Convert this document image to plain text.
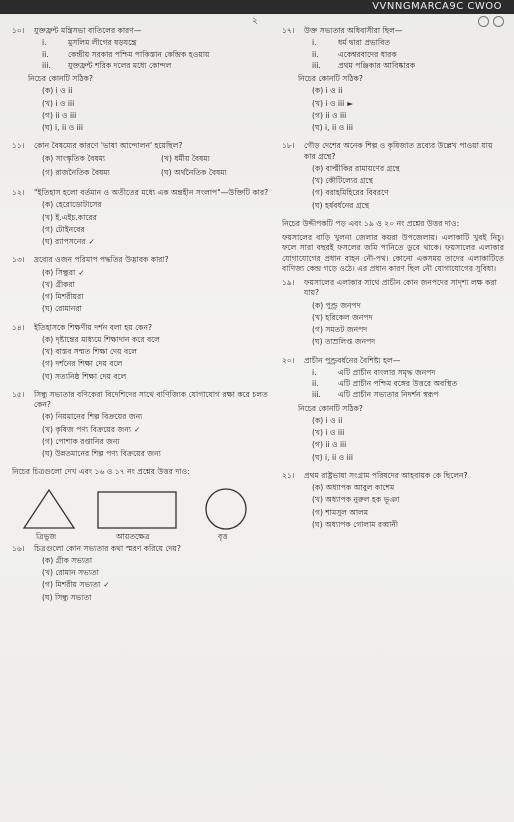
VVNNGMARCA9C CWOO
২
১০।	যুক্তফ্রন্ট মন্ত্রিসভা বাতিলের কারণ—
i.	মুসলিম লীগের ষড়যন্ত্রে
ii.	কেন্দ্রীয় সরকার পশ্চিম পাকিস্তান কেন্দ্রিক হওয়ায়
iii.	যুক্তফ্রন্ট শরিক দলের মধ্যে কোন্দল
নিচের কোনটি সঠিক?
(ক) i ও ii
(খ) i ও iii
(গ) ii ও iii
(ঘ) i, ii ও iii
১১।	কোন বৈষম্যের কারণে 'ভাষা আন্দোলন' হয়েছিল?
(ক) সাংস্কৃতিক বৈষম্য	(খ) ধর্মীয় বৈষম্য
(গ) রাজনৈতিক বৈষম্য	(ঘ) অর্থনৈতিক বৈষম্য
১২।	"ইতিহাস হলো বর্তমান ও অতীতের মধ্যে এক অন্তহীন সংলাপ"—উক্তিটি কার?
(ক) হেরোডোটাসের
(খ) ই.এইচ.কারের
(গ) টোইনবের
(ঘ) র‍্যাপসনের ✓
১৩।	দ্রব্যের ওজন পরিমাপ পদ্ধতির উদ্ভাবক কারা?
(ক) সিন্ধুরা ✓
(খ) গ্রীকরা
(গ) মিশরীয়রা
(ঘ) রোমানরা
১৪।	ইতিহাসকে শিক্ষণীয় দর্শন বলা হয় কেন?
(ক) দৃষ্টান্তের মাধ্যমে শিক্ষাদান করে বলে
(খ) বাস্তব সম্মত শিক্ষা দেয় বলে
(গ) দর্শনের শিক্ষা দেয় বলে
(ঘ) সত্যনিষ্ঠ শিক্ষা দেয় বলে
১৫।	সিন্ধু সভ্যতার বণিকেরা বিদেশিদের সাথে বাণিজ্যিক যোগাযোগ রক্ষা করে চলত কেন?
(ক) নিয়মানের শিল্প বিক্রয়ের জন্য
(খ) কৃষিজ পণ্য বিক্রয়ের জন্য ✓
(গ) পোশাক রপ্তানির জন্য
(ঘ) উন্নতমানের শিল্প পণ্য বিক্রয়ের জন্য
নিচের চিত্রগুলো দেখ এবং ১৬ ও ১৭ নং প্রশ্নের উত্তর দাও:
ত্রিভুজ	আয়তক্ষেত্র	বৃত্ত
১৬।	চিত্রগুলো কোন সভ্যতার কথা স্মরণ করিয়ে দেয়?
(ক) গ্রীক সভ্যতা
(খ) রোমান সভ্যতা
(গ) মিশরীয় সভ্যতা ✓
(ঘ) সিন্ধু সভ্যতা
১৭।	উক্ত সভ্যতার অধিবাসীরা ছিল—
i.	ধর্ম দ্বারা প্রভাবিত
ii.	একেশ্বরবাদের ধারক
iii.	প্রথম পঞ্জিকার আবিষ্কারক
নিচের কোনটি সঠিক?
(ক) i ও ii
(খ) i ও iii ►
(গ) ii ও iii
(ঘ) i, ii ও iii
১৮।	গৌড় দেশের অনেক শিল্প ও কৃষিজাত দ্রব্যের উল্লেখ পাওয়া যায় কার গ্রন্থে?
(ক) বাল্মীকির রামায়ণের গ্রন্থে
(খ) কৌটিল্যের গ্রন্থে
(গ) বরাহমিহিরের বিবরণে
(ঘ) হর্ষবর্ধনের গ্রন্থে
নিচের উদ্দীপকটি পড় এবং ১৯ ও ২০ নং প্রশ্নের উত্তর দাও:
ফয়সালের বাড়ি খুলনা জেলার কয়রা উপজেলায়। এলাকাটি খুবই নিচু। ফলে সারা বছরই ফসলের জমি পানিতে ডুবে থাকে। ফয়সালের এলাকার যোগাযোগের প্রধান বাহন নৌ-পথ। কোনো একসময় তাদের এলাকাটিতে বাণিজ্য কেন্দ্র গড়ে ওঠে। এর প্রধান কারণ ছিল নৌ যোগাযোগের সুবিধা।
১৯।	ফয়সালের এলাকার সাথে প্রাচীন কোন জনপদের সাদৃশ্য লক্ষ করা যায়?
(ক) পুণ্ড্র জনপদ
(খ) হরিকেল জনপদ
(গ) সমতট জনপদ
(ঘ) তাম্রলিপ্ত জনপদ
২০।	প্রাচীন পুণ্ড্রবর্ধনের বৈশিষ্ট্য হল—
i.	এটি প্রাচীন বাংলার সমৃদ্ধ জনপদ
ii.	এটি প্রাচীন পশ্চিম বঙ্গের উত্তরে অবস্থিত
iii.	এটি প্রাচীন সভ্যতার নিদর্শন স্বরূপ
নিচের কোনটি সঠিক?
(ক) i ও ii
(খ) i ও iii
(গ) ii ও iii
(ঘ) i, ii ও iii
২১।	প্রথম রাষ্ট্রভাষা সংগ্রাম পরিষদের আহবায়ক কে ছিলেন?
(ক) অধ্যাপক আবুল কাশেম
(খ) অধ্যাপক নুরুল হক ভূঞা
(গ) শামসুল আলম
(ঘ) অধ্যাপক গোলাম রব্বানী
